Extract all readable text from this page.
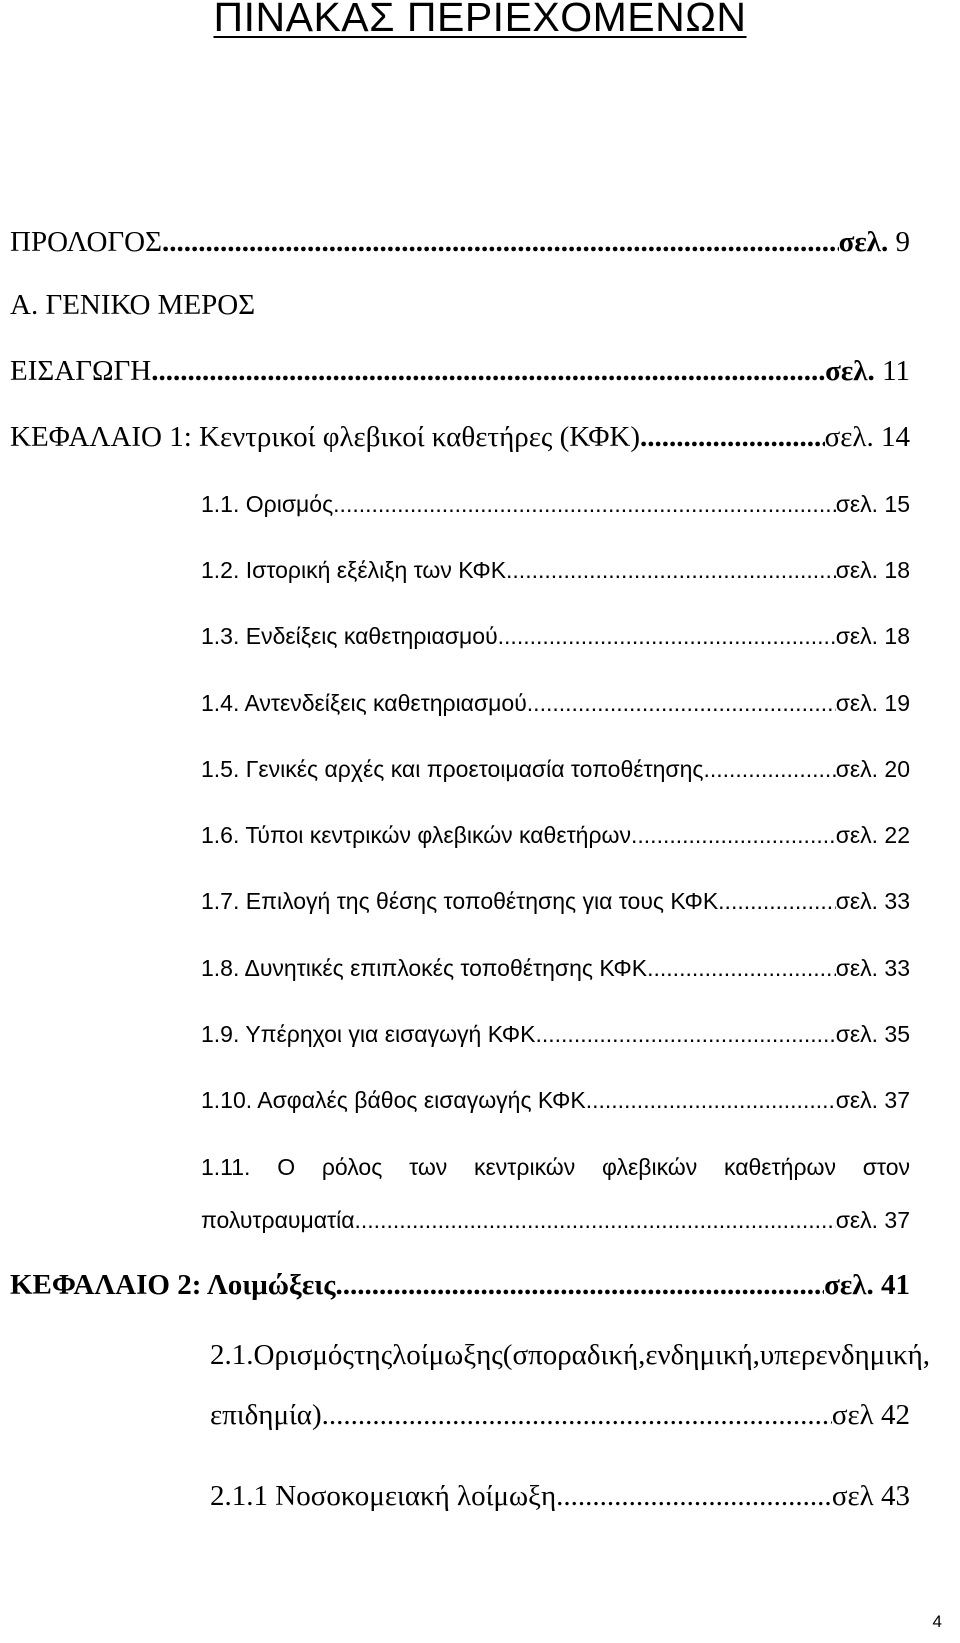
ΠΙΝΑΚΑΣ ΠΕΡΙΕΧΟΜΕΝΩΝ
ΠΡΟΛΟΓΟΣ .....	σελ. 9
Α. ΓΕΝΙΚΟ ΜΕΡΟΣ
ΕΙΣΑΓΩΓΗ .....	σελ. 11
ΚΕΦΑΛΑΙΟ 1: Κεντρικοί φλεβικοί καθετήρες (ΚΦΚ) .....	σελ. 14
1.1. Ορισμός .....	σελ. 15
1.2. Ιστορική εξέλιξη των ΚΦΚ .....	σελ. 18
1.3. Ενδείξεις καθετηριασμού .....	σελ. 18
1.4. Αντενδείξεις καθετηριασμού .....	σελ. 19
1.5. Γενικές αρχές και προετοιμασία τοποθέτησης .....	σελ. 20
1.6. Τύποι κεντρικών φλεβικών καθετήρων .....	σελ. 22
1.7. Επιλογή της θέσης τοποθέτησης για τους ΚΦΚ .....	σελ. 33
1.8. Δυνητικές επιπλοκές τοποθέτησης ΚΦΚ .....	σελ. 33
1.9. Υπέρηχοι για εισαγωγή ΚΦΚ .....	σελ. 35
1.10. Ασφαλές βάθος εισαγωγής ΚΦΚ .....	σελ. 37
1.11. Ο ρόλος των κεντρικών φλεβικών καθετήρων στον
πολυτραυματία .....	σελ. 37
ΚΕΦΑΛΑΙΟ 2: Λοιμώξεις .....	σελ. 41
2.1. Ορισμός της λοίμωξης (σποραδική, ενδημική, υπερενδημική,
επιδημία) .....	σελ 42
2.1.1 Νοσοκομειακή λοίμωξη .....	σελ 43
4
